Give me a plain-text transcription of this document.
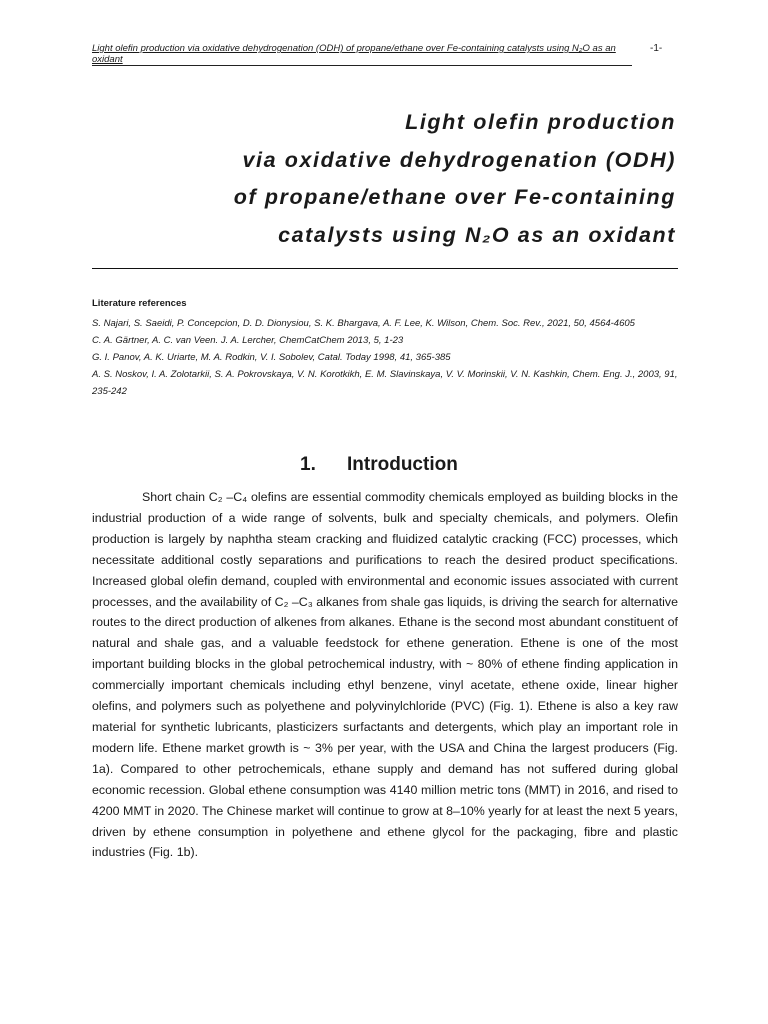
Light olefin production via oxidative dehydrogenation (ODH) of propane/ethane over Fe-containing catalysts using N₂O as an oxidant
-1-
Light olefin production
via oxidative dehydrogenation (ODH)
of propane/ethane over Fe-containing
catalysts using N₂O as an oxidant
Literature references
S. Najari, S. Saeidi, P. Concepcion, D. D. Dionysiou, S. K. Bhargava, A. F. Lee, K. Wilson, Chem. Soc. Rev., 2021, 50, 4564-4605
C. A. Gärtner, A. C. van Veen. J. A. Lercher, ChemCatChem 2013, 5, 1-23
G. I. Panov, A. K. Uriarte, M. A. Rodkin, V. I. Sobolev, Catal. Today 1998, 41, 365-385
A. S. Noskov, I. A. Zolotarkii, S. A. Pokrovskaya, V. N. Korotkikh, E. M. Slavinskaya, V. V. Morinskii, V. N. Kashkin, Chem. Eng. J., 2003, 91, 235-242
1. Introduction

Short chain C₂ –C₄ olefins are essential commodity chemicals employed as building blocks in the industrial production of a wide range of solvents, bulk and specialty chemicals, and polymers. Olefin production is largely by naphtha steam cracking and fluidized catalytic cracking (FCC) processes, which necessitate additional costly separations and purifications to reach the desired product specifications. Increased global olefin demand, coupled with environmental and economic issues associated with current processes, and the availability of C₂ –C₃ alkanes from shale gas liquids, is driving the search for alternative routes to the direct production of alkenes from alkanes. Ethane is the second most abundant constituent of natural and shale gas, and a valuable feedstock for ethene generation. Ethene is one of the most important building blocks in the global petrochemical industry, with ~ 80% of ethene finding application in commercially important chemicals including ethyl benzene, vinyl acetate, ethene oxide, linear higher olefins, and polymers such as polyethene and polyvinylchloride (PVC) (Fig. 1). Ethene is also a key raw material for synthetic lubricants, plasticizers surfactants and detergents, which play an important role in modern life. Ethene market growth is ~ 3% per year, with the USA and China the largest producers (Fig. 1a). Compared to other petrochemicals, ethane supply and demand has not suffered during global economic recession. Global ethene consumption was 4140 million metric tons (MMT) in 2016, and rised to 4200 MMT in 2020. The Chinese market will continue to grow at 8–10% yearly for at least the next 5 years, driven by ethene consumption in polyethene and ethene glycol for the packaging, fibre and plastic industries (Fig. 1b).
